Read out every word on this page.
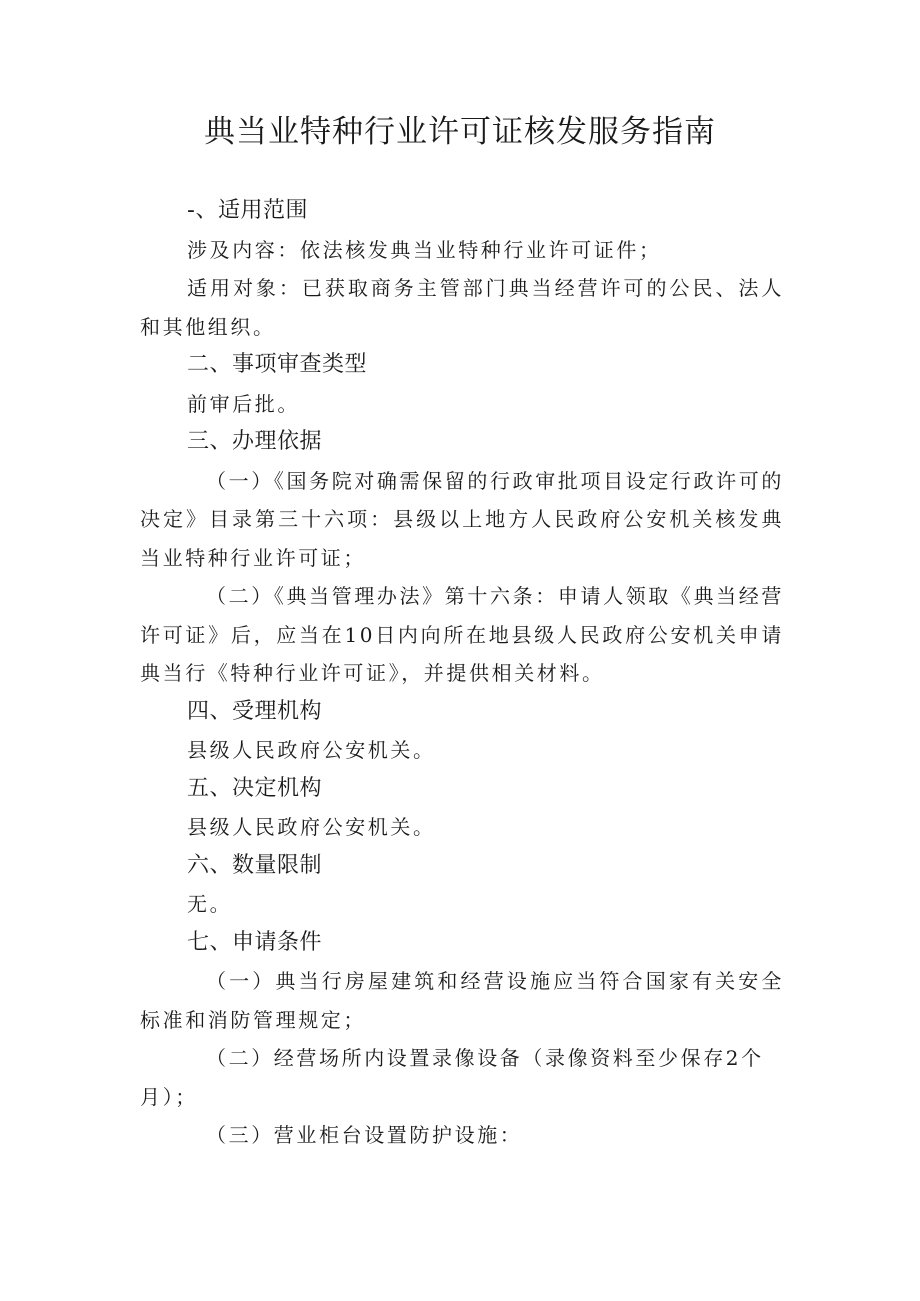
典当业特种行业许可证核发服务指南

-、适用范围

涉及内容：依法核发典当业特种行业许可证件；

适用对象：已获取商务主管部门典当经营许可的公民、法人和其他组织。

二、事项审查类型

前审后批。

三、办理依据

（一）《国务院对确需保留的行政审批项目设定行政许可的决定》目录第三十六项：县级以上地方人民政府公安机关核发典当业特种行业许可证；

（二）《典当管理办法》第十六条：申请人领取《典当经营许可证》后，应当在10日内向所在地县级人民政府公安机关申请典当行《特种行业许可证》，并提供相关材料。

四、受理机构

县级人民政府公安机关。

五、决定机构

县级人民政府公安机关。

六、数量限制

无。

七、申请条件

（一）典当行房屋建筑和经营设施应当符合国家有关安全标准和消防管理规定；

（二）经营场所内设置录像设备（录像资料至少保存2个月）；

（三）营业柜台设置防护设施：
